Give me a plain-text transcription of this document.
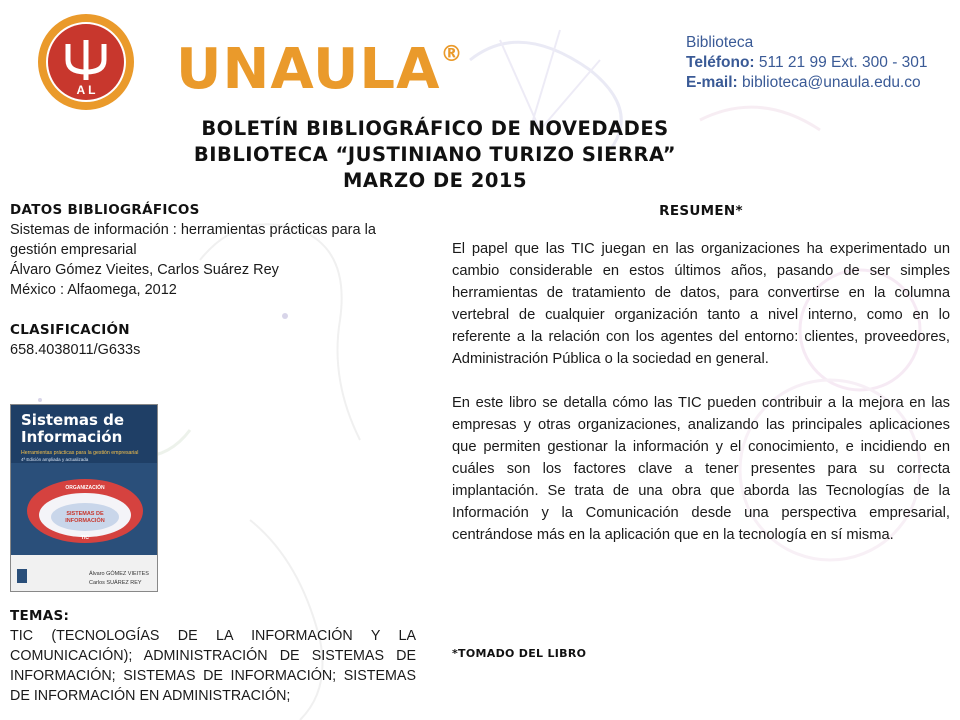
A L UNAULA®	Biblioteca
Teléfono: 511 21 99 Ext. 300 - 301
E-mail: biblioteca@unaula.edu.co
BOLETÍN BIBLIOGRÁFICO DE NOVEDADES
BIBLIOTECA “JUSTINIANO TURIZO SIERRA”
MARZO DE 2015
DATOS BIBLIOGRÁFICOS

Sistemas de información : herramientas prácticas para la gestión empresarial

Álvaro Gómez Vieites, Carlos Suárez Rey

México : Alfaomega, 2012

CLASIFICACIÓN

658.4038011/G633s

Sistemas de
Información
Herramientas prácticas para la gestión empresarial
4ª Edición ampliada y actualizada
ORGANIZACIÓN
SISTEMAS DE
INFORMACIÓN
TIC
Álvaro GÓMEZ VIEITES
Carlos SUÁREZ REY
TEMAS:
TIC (TECNOLOGÍAS DE LA INFORMACIÓN Y LA COMUNICACIÓN); ADMINISTRACIÓN DE SISTEMAS DE INFORMACIÓN; SISTEMAS DE INFORMACIÓN; SISTEMAS DE INFORMACIÓN EN ADMINISTRACIÓN;
RESUMEN*

El papel que las TIC juegan en las organizaciones ha experimentado un cambio considerable en estos últimos años, pasando de ser simples herramientas de tratamiento de datos, para convertirse en la columna vertebral de cualquier organización tanto a nivel interno, como en lo referente a la relación con los agentes del entorno: clientes, proveedores, Administración Pública o la sociedad en general.

En este libro se detalla cómo las TIC pueden contribuir a la mejora en las empresas y otras organizaciones, analizando las principales aplicaciones que permiten gestionar la información y el conocimiento, e incidiendo en cuáles son los factores clave a tener presentes para su correcta implantación. Se trata de una obra que aborda las Tecnologías de la Información y la Comunicación desde una perspectiva empresarial, centrándose más en la aplicación que en la tecnología en sí misma.

*TOMADO DEL LIBRO
